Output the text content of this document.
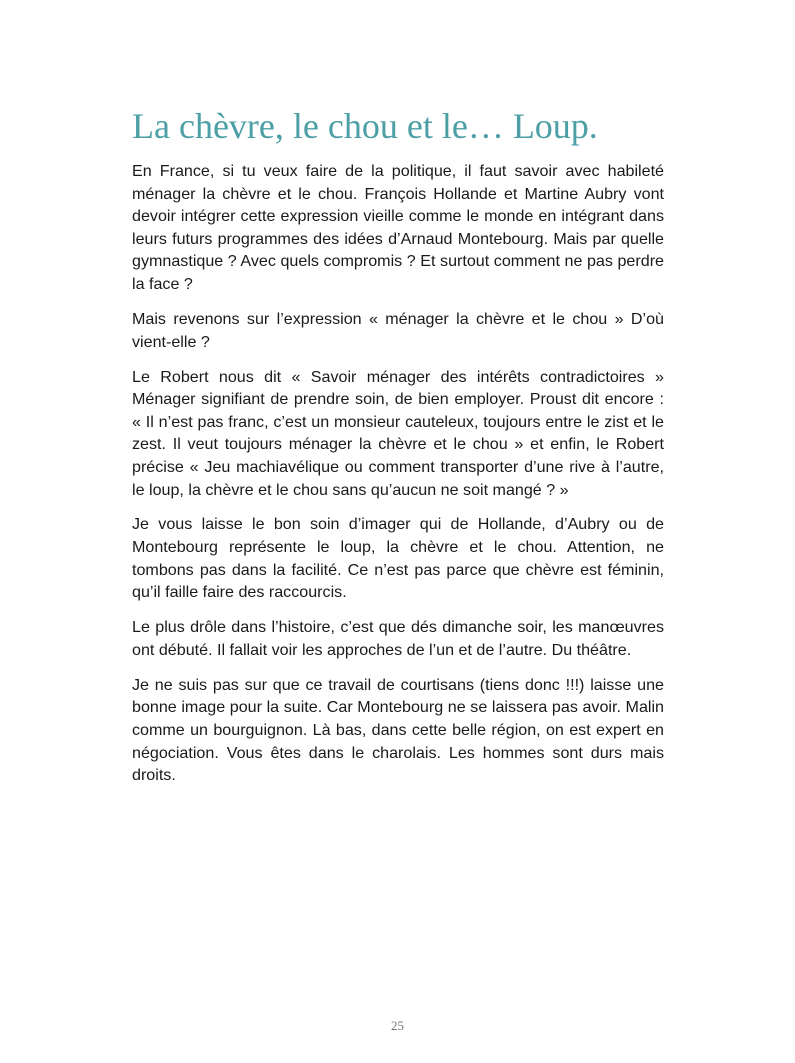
La chèvre, le chou et le… Loup.

En France, si tu veux faire de la politique, il faut savoir avec habileté ménager la chèvre et le chou. François Hollande et Martine Aubry vont devoir intégrer cette expression vieille comme le monde en intégrant dans leurs futurs programmes des idées d’Arnaud Montebourg. Mais par quelle gymnastique ? Avec quels compromis ? Et surtout comment ne pas perdre la face ?

Mais revenons sur l’expression « ménager la chèvre et le chou » D’où vient-elle ?

Le Robert nous dit « Savoir ménager des intérêts contradictoires » Ménager signifiant de prendre soin, de bien employer. Proust dit encore : « Il n’est pas franc, c’est un monsieur cauteleux, toujours entre le zist et le zest. Il veut toujours ménager la chèvre et le chou » et enfin, le Robert précise « Jeu machiavélique ou comment transporter d’une rive à l’autre, le loup, la chèvre et le chou sans qu’aucun ne soit mangé ? »

Je vous laisse le bon soin d’imager qui de Hollande, d’Aubry ou de Montebourg représente le loup, la chèvre et le chou. Attention, ne tombons pas dans la facilité. Ce n’est pas parce que chèvre est féminin, qu’il faille faire des raccourcis.

Le plus drôle dans l’histoire, c’est que dés dimanche soir, les manœuvres ont débuté. Il fallait voir les approches de l’un et de l’autre. Du théâtre.

Je ne suis pas sur que ce travail de courtisans (tiens donc !!!) laisse une bonne image pour la suite. Car Montebourg ne se laissera pas avoir. Malin comme un bourguignon. Là bas, dans cette belle région, on est expert en négociation. Vous êtes dans le charolais. Les hommes sont durs mais droits.

25
